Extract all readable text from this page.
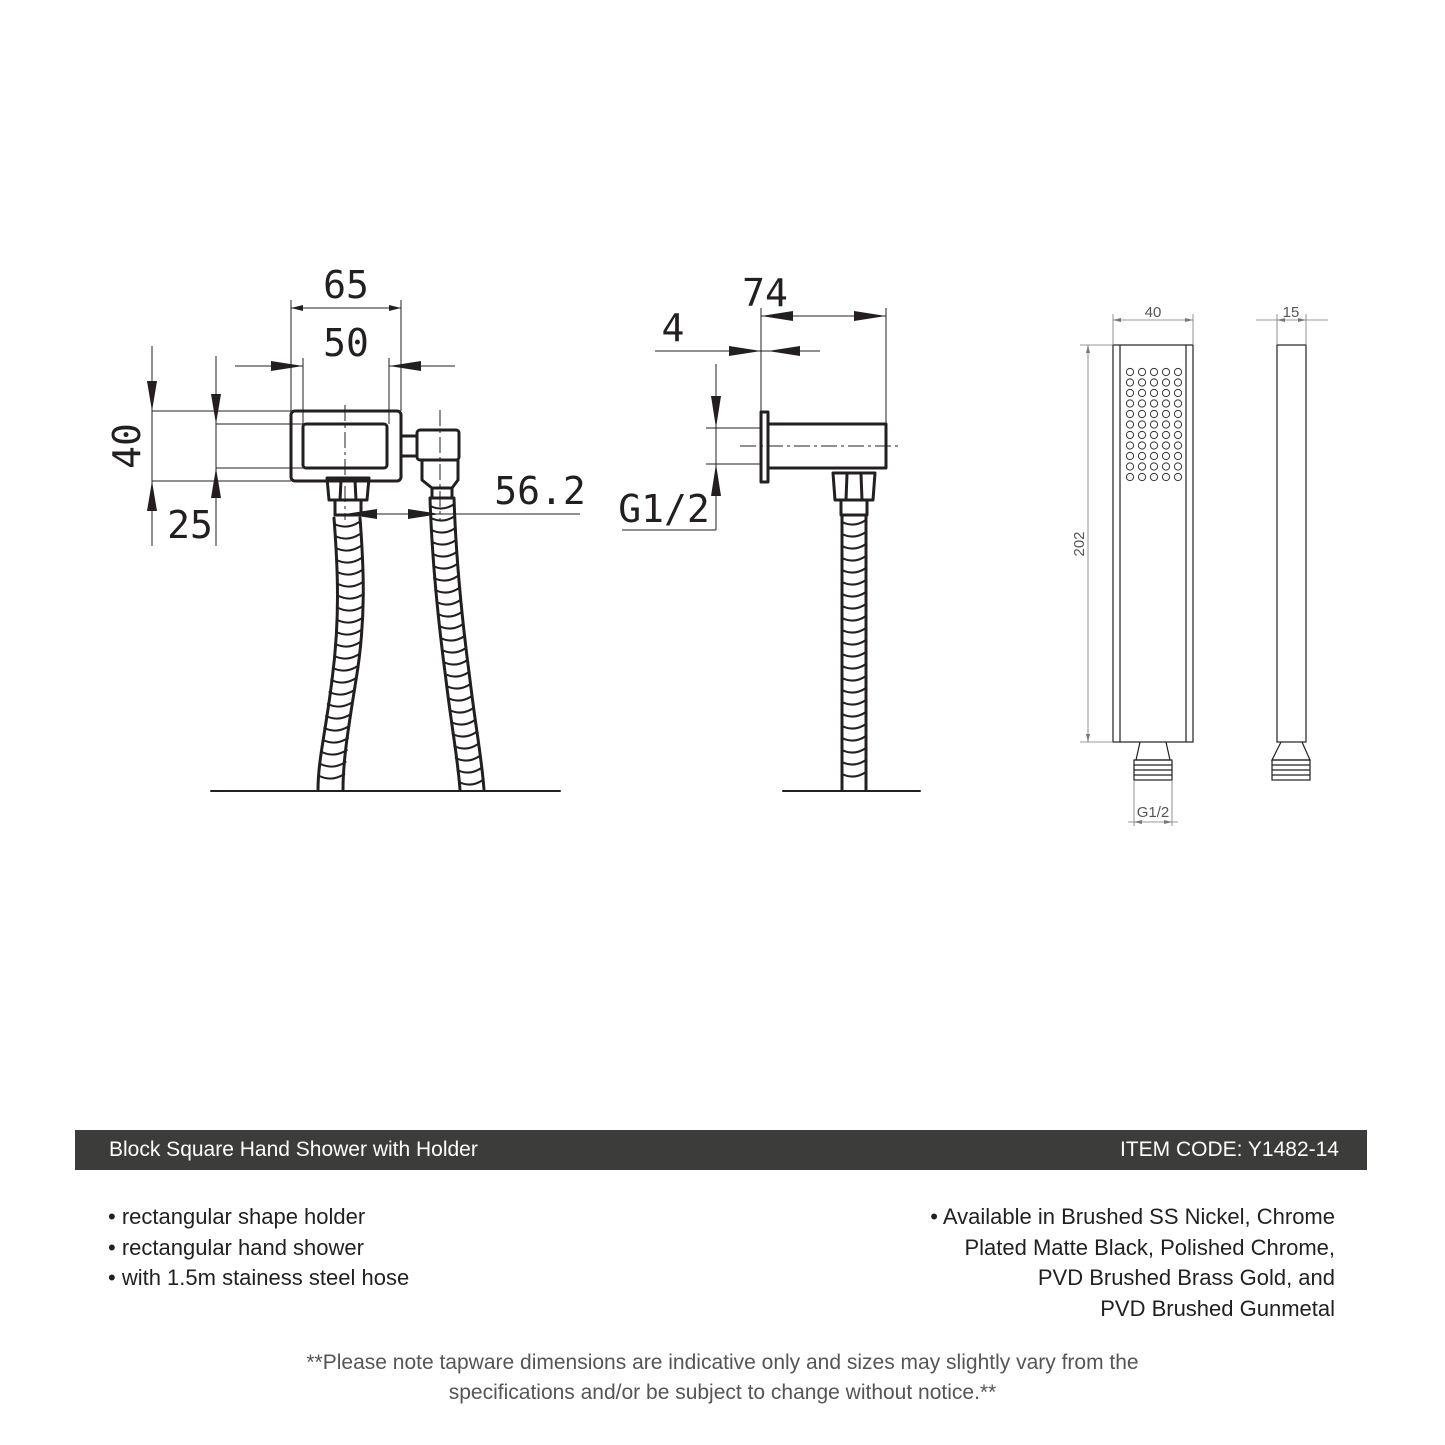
65
50
40
25
56.2
74
4
G1/2
40
202
G1/2
15
Block Square Hand Shower with Holder	ITEM CODE: Y1482-14
• rectangular shape holder
• rectangular hand shower
• with 1.5m stainess steel hose
• Available in Brushed SS Nickel, Chrome
Plated Matte Black, Polished Chrome,
PVD Brushed Brass Gold, and
PVD Brushed Gunmetal
**Please note tapware dimensions are indicative only and sizes may slightly vary from the
specifications and/or be subject to change without notice.**
